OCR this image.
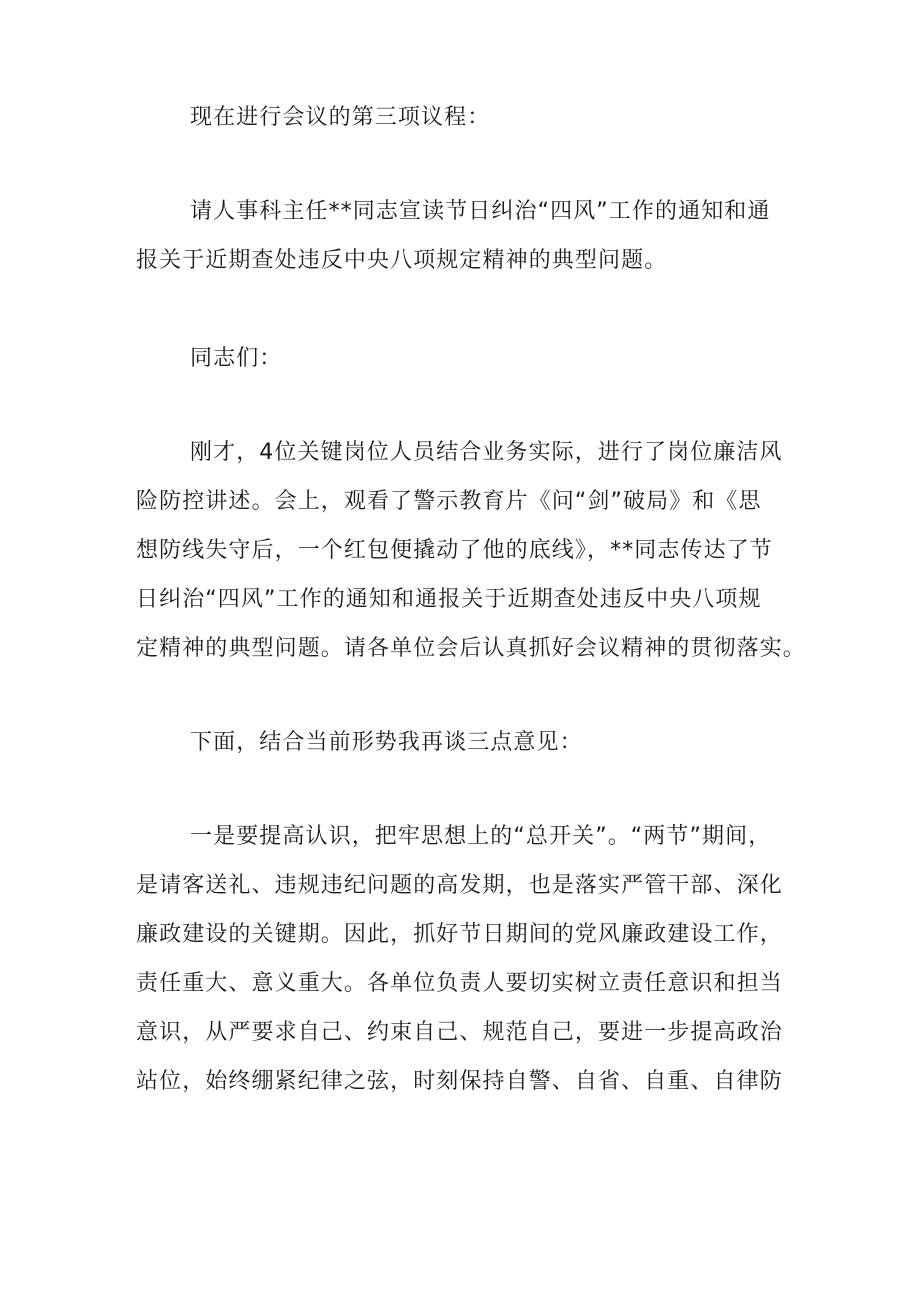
现在进行会议的第三项议程：
请人事科主任**同志宣读节日纠治“四风”工作的通知和通
报关于近期查处违反中央八项规定精神的典型问题。
同志们：
刚才，4位关键岗位人员结合业务实际，进行了岗位廉洁风
险防控讲述。会上，观看了警示教育片《问“剑”破局》和《思
想防线失守后，一个红包便撬动了他的底线》，**同志传达了节
日纠治“四风”工作的通知和通报关于近期查处违反中央八项规
定精神的典型问题。请各单位会后认真抓好会议精神的贯彻落实。
下面，结合当前形势我再谈三点意见：
一是要提高认识，把牢思想上的“总开关”。“两节”期间，
是请客送礼、违规违纪问题的高发期，也是落实严管干部、深化
廉政建设的关键期。因此，抓好节日期间的党风廉政建设工作，
责任重大、意义重大。各单位负责人要切实树立责任意识和担当
意识，从严要求自己、约束自己、规范自己，要进一步提高政治
站位，始终绷紧纪律之弦，时刻保持自警、自省、自重、自律防
